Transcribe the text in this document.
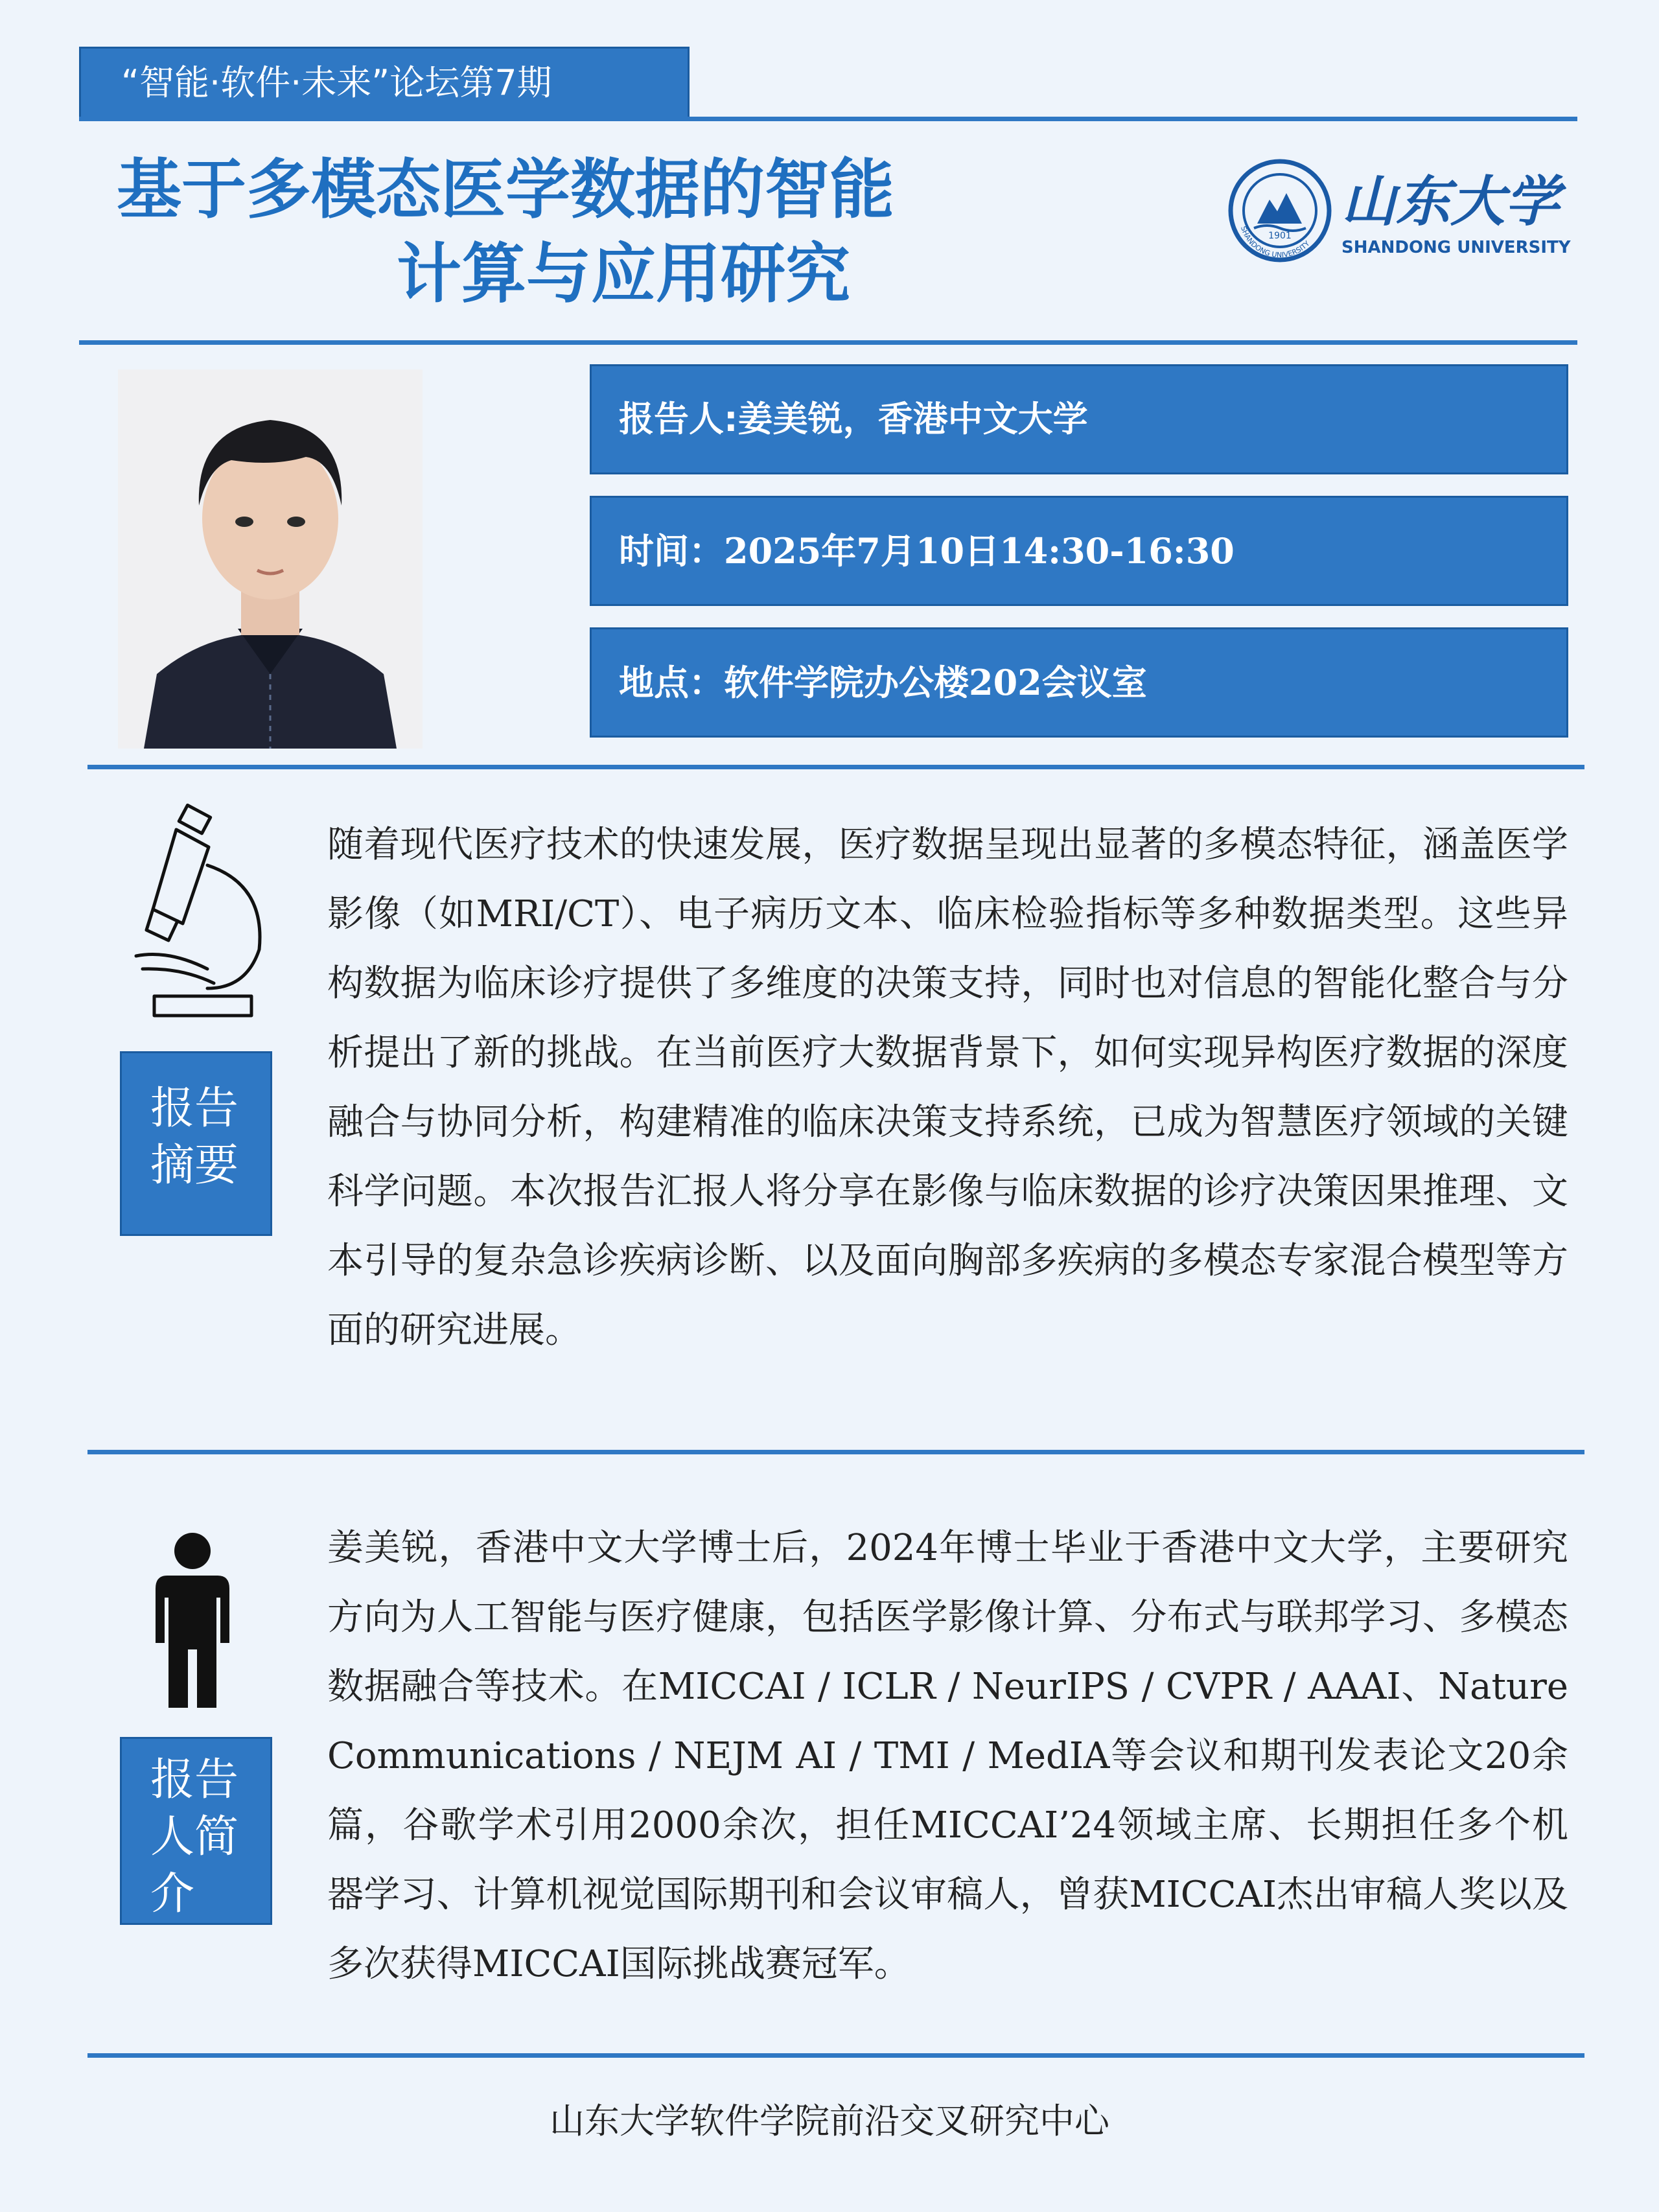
“智能·软件·未来”论坛第7期
基于多模态医学数据的智能
计算与应用研究	1901
SHANDONG UNIVERSITY
山东大学
SHANDONG UNIVERSITY
报告人:姜美锐，香港中文大学
时间：2025年7月10日14:30-16:30
地点：软件学院办公楼202会议室
报告摘要
随着现代医疗技术的快速发展，医疗数据呈现出显著的多模态特征，涵盖医学影像（如MRI/CT）、电子病历文本、临床检验指标等多种数据类型。这些异构数据为临床诊疗提供了多维度的决策支持，同时也对信息的智能化整合与分析提出了新的挑战。在当前医疗大数据背景下，如何实现异构医疗数据的深度融合与协同分析，构建精准的临床决策支持系统，已成为智慧医疗领域的关键科学问题。本次报告汇报人将分享在影像与临床数据的诊疗决策因果推理、文本引导的复杂急诊疾病诊断、以及面向胸部多疾病的多模态专家混合模型等方面的研究进展。
报告人简介
姜美锐，香港中文大学博士后，2024年博士毕业于香港中文大学，主要研究方向为人工智能与医疗健康，包括医学影像计算、分布式与联邦学习、多模态数据融合等技术。在MICCAI / ICLR / NeurIPS / CVPR / AAAI、Nature Communications / NEJM AI / TMI / MedIA等会议和期刊发表论文20余篇，谷歌学术引用2000余次，担任MICCAI’24领域主席、长期担任多个机器学习、计算机视觉国际期刊和会议审稿人，曾获MICCAI杰出审稿人奖以及多次获得MICCAI国际挑战赛冠军。
山东大学软件学院前沿交叉研究中心
